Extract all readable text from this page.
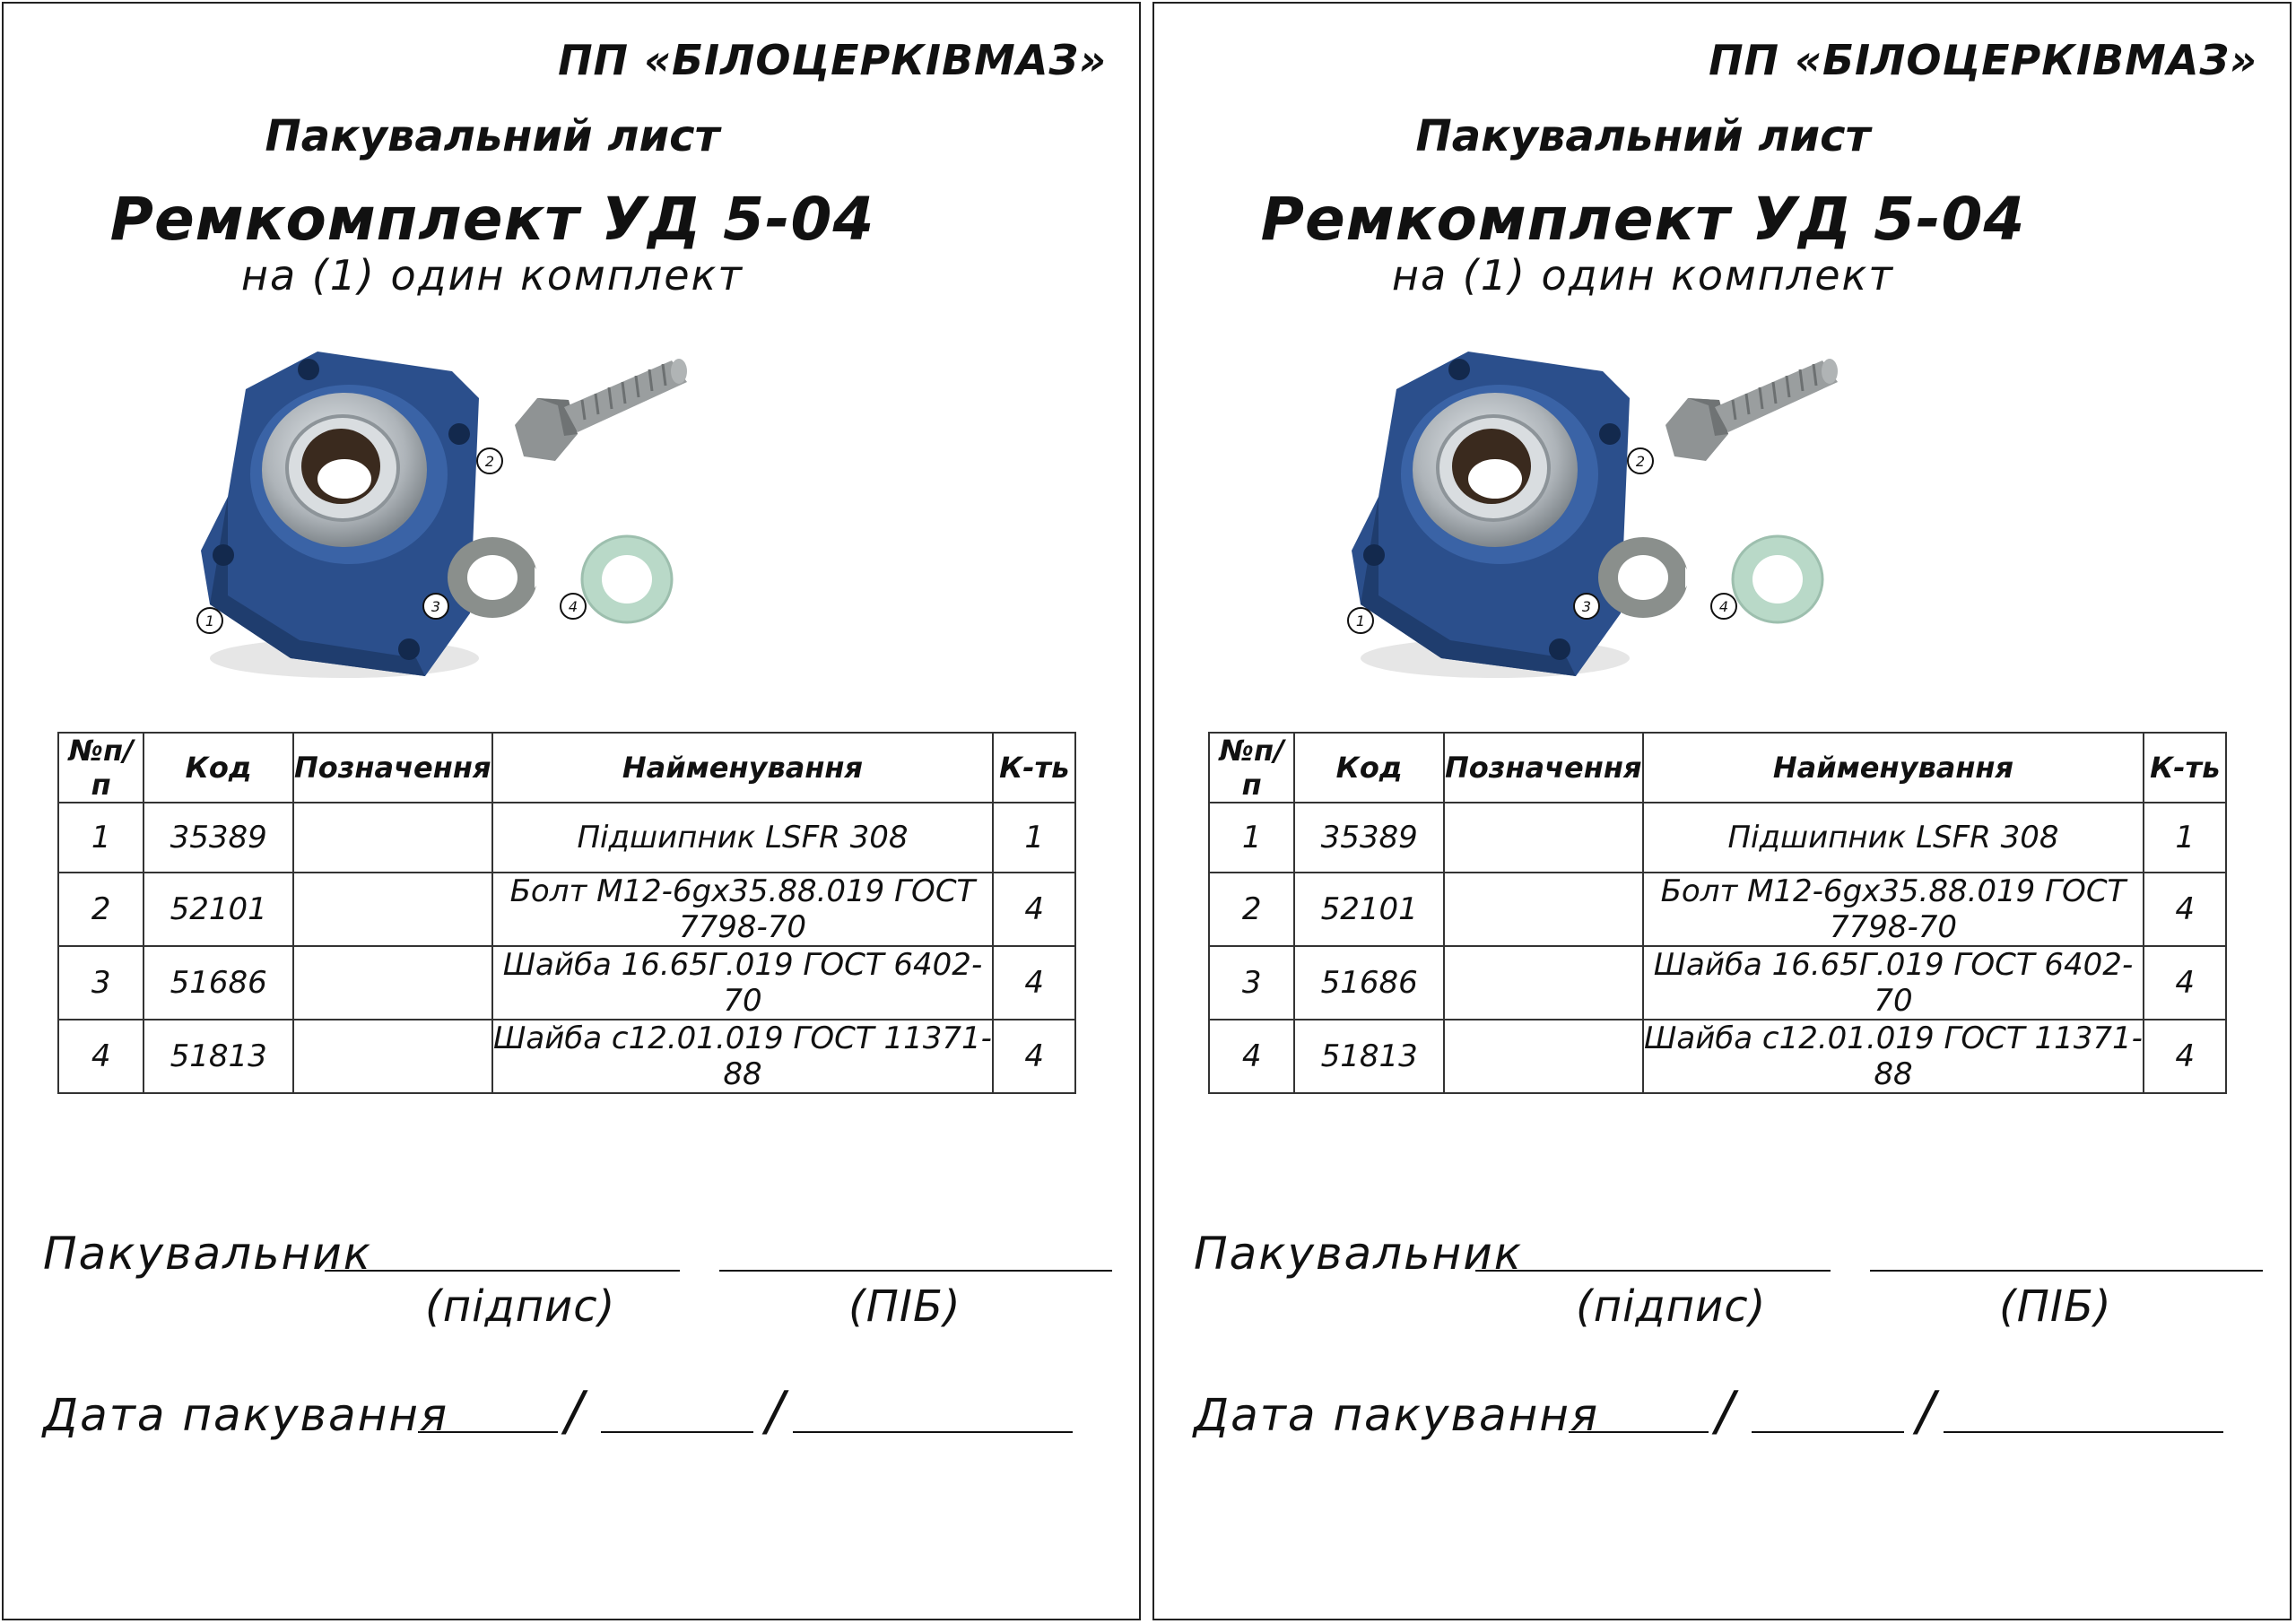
ПП «БІЛОЦЕРКІВМАЗ»
Пакувальний лист
Ремкомплект УД 5-04
на (1) один комплект
1
2
3	4
№п/п	Код	Позначення	Найменування	К-ть
1	35389		Підшипник LSFR 308	1
2	52101		Болт М12-6gх35.88.019 ГОСТ 7798-70	4
3	51686		Шайба 16.65Г.019 ГОСТ 6402-70	4
4	51813		Шайба с12.01.019 ГОСТ 11371-88	4
Пакувальник
(підпис)	(ПІБ)
Дата пакування /	/
ПП «БІЛОЦЕРКІВМАЗ»
Пакувальний лист
Ремкомплект УД 5-04
на (1) один комплект
1
2
3	4
№п/п	Код	Позначення	Найменування	К-ть
1	35389		Підшипник LSFR 308	1
2	52101		Болт М12-6gх35.88.019 ГОСТ 7798-70	4
3	51686		Шайба 16.65Г.019 ГОСТ 6402-70	4
4	51813		Шайба с12.01.019 ГОСТ 11371-88	4
Пакувальник
(підпис)	(ПІБ)
Дата пакування /	/
